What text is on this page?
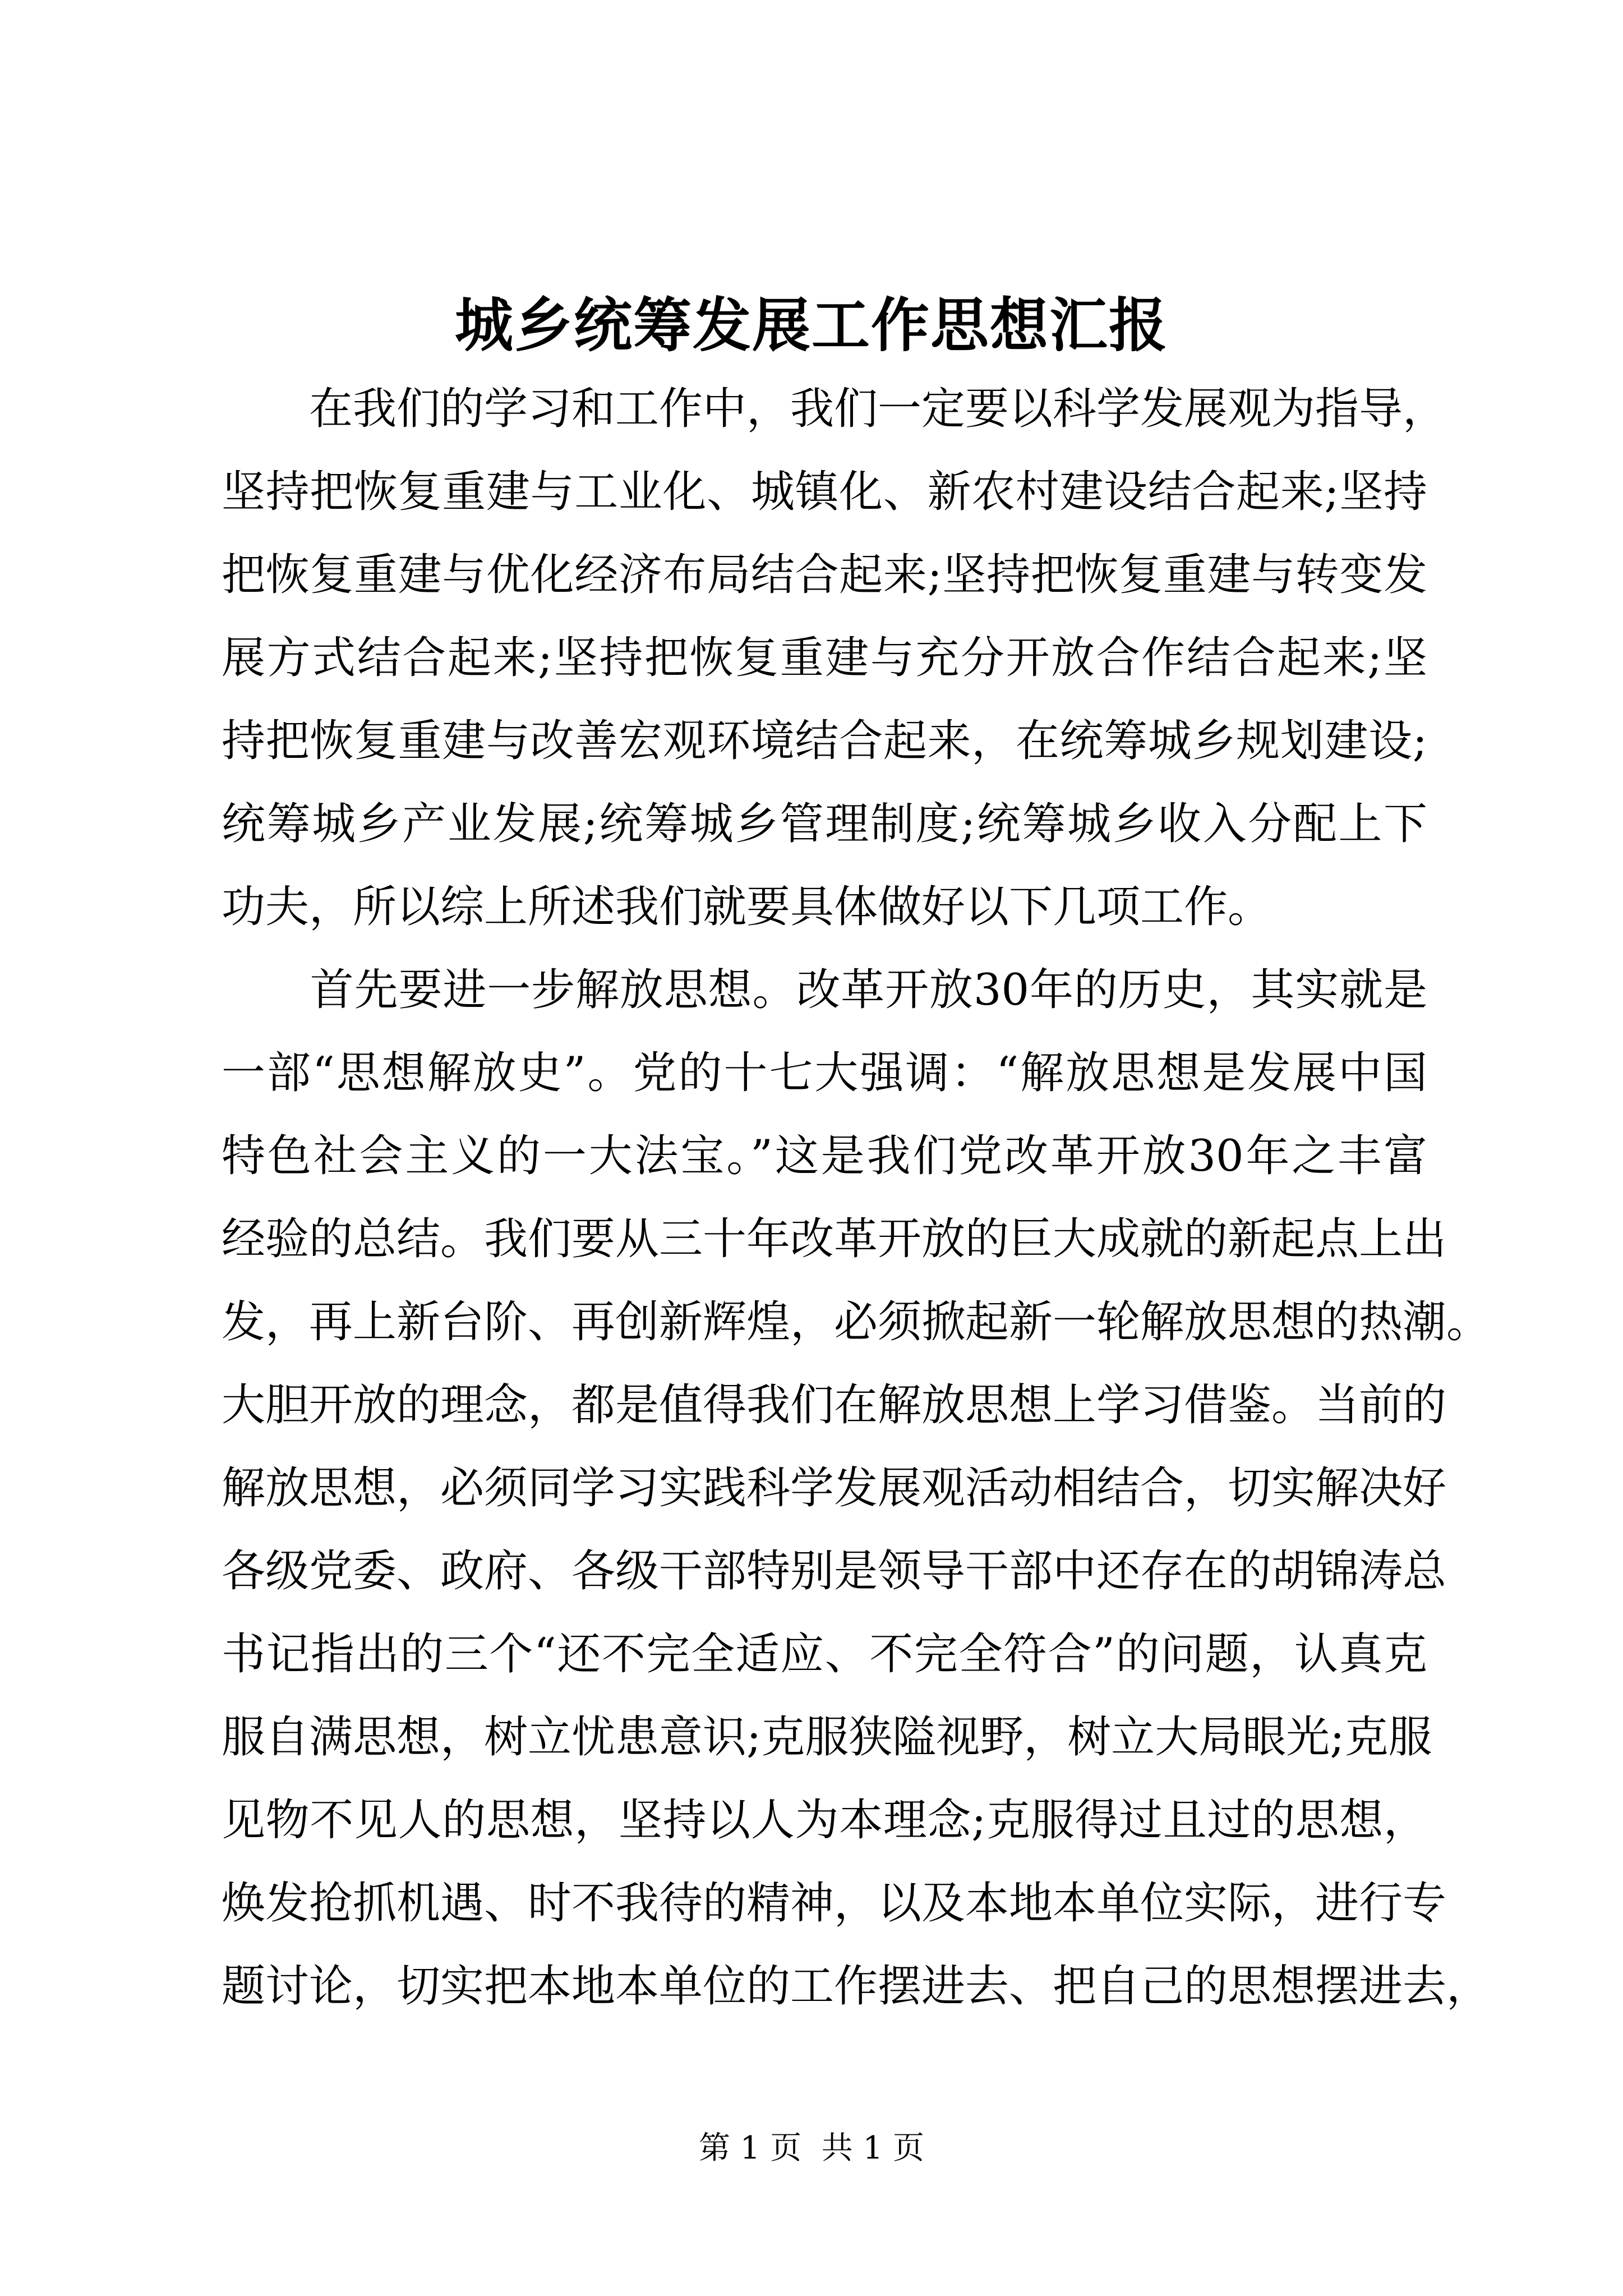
城乡统筹发展工作思想汇报
　　在我们的学习和工作中，我们一定要以科学发展观为指导，
坚持把恢复重建与工业化、城镇化、新农村建设结合起来;坚持
把恢复重建与优化经济布局结合起来;坚持把恢复重建与转变发
展方式结合起来;坚持把恢复重建与充分开放合作结合起来;坚
持把恢复重建与改善宏观环境结合起来，在统筹城乡规划建设;
统筹城乡产业发展;统筹城乡管理制度;统筹城乡收入分配上下
功夫，所以综上所述我们就要具体做好以下几项工作。
　　首先要进一步解放思想。改革开放30年的历史，其实就是
一部“思想解放史”。党的十七大强调：“解放思想是发展中国
特色社会主义的一大法宝。”这是我们党改革开放30年之丰富
经验的总结。我们要从三十年改革开放的巨大成就的新起点上出
发，再上新台阶、再创新辉煌，必须掀起新一轮解放思想的热潮。
大胆开放的理念，都是值得我们在解放思想上学习借鉴。当前的
解放思想，必须同学习实践科学发展观活动相结合，切实解决好
各级党委、政府、各级干部特别是领导干部中还存在的胡锦涛总
书记指出的三个“还不完全适应、不完全符合”的问题，认真克
服自满思想，树立忧患意识;克服狭隘视野，树立大局眼光;克服
见物不见人的思想，坚持以人为本理念;克服得过且过的思想，
焕发抢抓机遇、时不我待的精神，以及本地本单位实际，进行专
题讨论，切实把本地本单位的工作摆进去、把自己的思想摆进去，
第 1 页  共 1 页
